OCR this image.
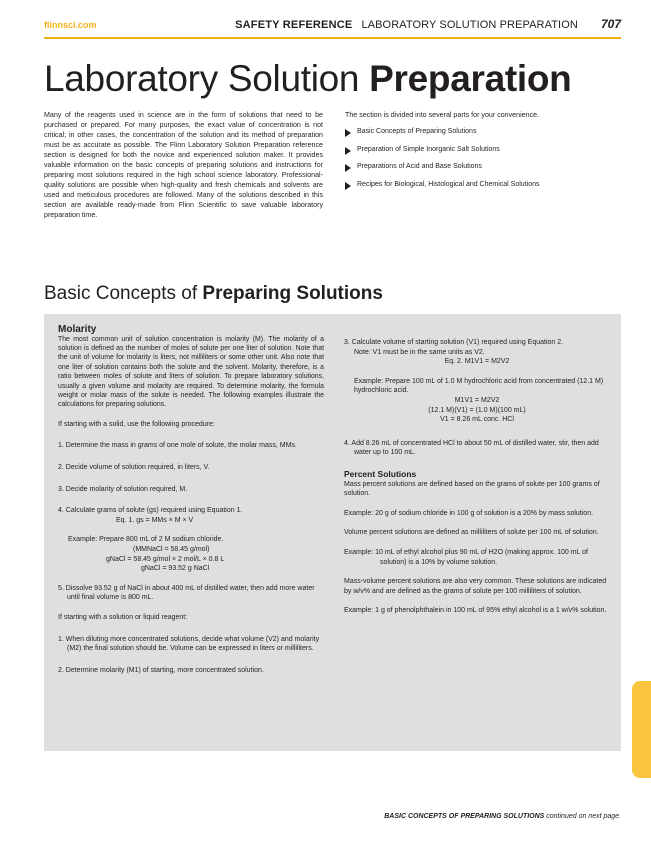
flinnsci.com	SAFETY REFERENCE LABORATORY SOLUTION PREPARATION 707
Laboratory Solution Preparation
Many of the reagents used in science are in the form of solutions that need to be purchased or prepared. For many purposes, the exact value of concentration is not critical; in other cases, the concentration of the solution and its method of preparation must be as accurate as possible. The Flinn Laboratory Solution Preparation reference section is designed for both the novice and experienced solution maker. It provides valuable information on the basic concepts of preparing solutions and instructions for preparing most solutions required in the high school science laboratory. Professional-quality solutions are possible when high-quality and fresh chemicals and solvents are used and meticulous procedures are followed. Many of the solutions described in this section are available ready-made from Flinn Scientific to save valuable laboratory preparation time.
The section is divided into several parts for your convenience.
Basic Concepts of Preparing Solutions
Preparation of Simple Inorganic Salt Solutions
Preparations of Acid and Base Solutions
Recipes for Biological, Histological and Chemical Solutions
Basic Concepts of Preparing Solutions
Molarity
The most common unit of solution concentration is molarity (M). The molarity of a solution is defined as the number of moles of solute per one liter of solution. Note that the unit of volume for molarity is liters, not milliliters or some other unit. Also note that one liter of solution contains both the solute and the solvent. Molarity, therefore, is a ratio between moles of solute and liters of solution. To prepare laboratory solutions, usually a given volume and molarity are required. To determine molarity, the formula weight or molar mass of the solute is needed. The following examples illustrate the calculations for preparing solutions.
If starting with a solid, use the following procedure:
1. Determine the mass in grams of one mole of solute, the molar mass, MMs.
2. Decide volume of solution required, in liters, V.
3. Decide molarity of solution required, M.
4. Calculate grams of solute (gs) required using Equation 1.
Eq. 1. gs = MMs × M × V
Example: Prepare 800 mL of 2 M sodium chloride.
(MMNaCl = 58.45 g/mol)
gNaCl = 58.45 g/mol × 2 mol/L × 0.8 L
gNaCl = 93.52 g NaCl
5. Dissolve 93.52 g of NaCl in about 400 mL of distilled water, then add more water until final volume is 800 mL.
If starting with a solution or liquid reagent:
1. When diluting more concentrated solutions, decide what volume (V2) and molarity (M2) the final solution should be. Volume can be expressed in liters or milliliters.
2. Determine molarity (M1) of starting, more concentrated solution.
3. Calculate volume of starting solution (V1) required using Equation 2.
Note: V1 must be in the same units as V2.
Eq. 2. M1V1 = M2V2
Example: Prepare 100 mL of 1.0 M hydrochloric acid from concentrated (12.1 M) hydrochloric acid.
M1V1 = M2V2
(12.1 M)(V1) = (1.0 M)(100 mL)
V1 = 8.26 mL conc. HCl
4. Add 8.26 mL of concentrated HCl to about 50 mL of distilled water, stir, then add water up to 100 mL.
Percent Solutions
Mass percent solutions are defined based on the grams of solute per 100 grams of solution.
Example: 20 g of sodium chloride in 100 g of solution is a 20% by mass solution.
Volume percent solutions are defined as milliliters of solute per 100 mL of solution.
Example: 10 mL of ethyl alcohol plus 90 mL of H2O (making approx. 100 mL of solution) is a 10% by volume solution.
Mass-volume percent solutions are also very common. These solutions are indicated by w/v% and are defined as the grams of solute per 100 milliliters of solution.
Example: 1 g of phenolphthalein in 100 mL of 95% ethyl alcohol is a 1 w/v% solution.
BASIC CONCEPTS OF PREPARING SOLUTIONS continued on next page.
